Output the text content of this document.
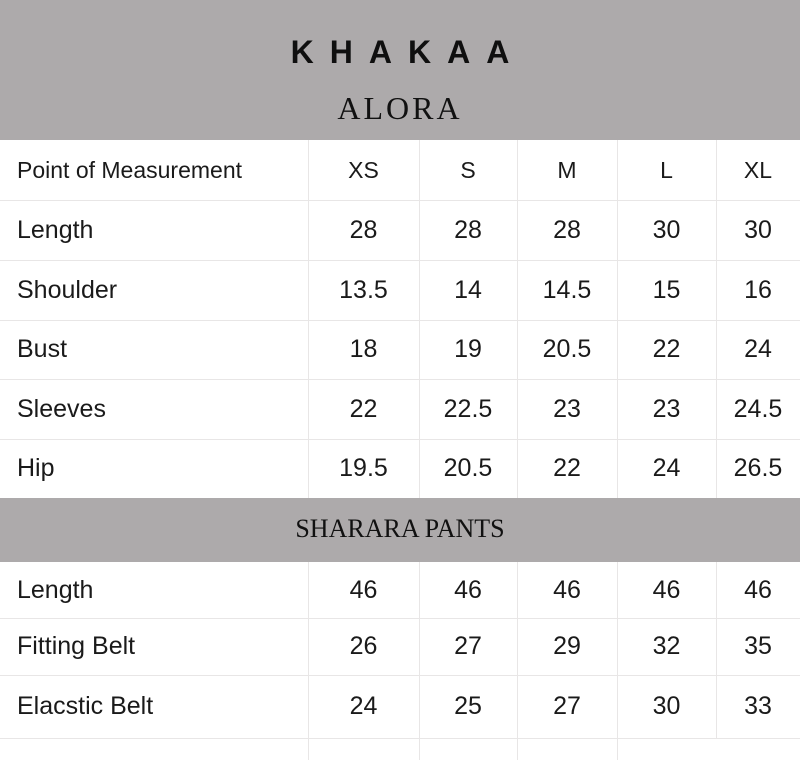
KHAKAA
ALORA
Point of Measurement	XS	S	M	L	XL
Length	28	28	28	30	30
Shoulder	13.5	14	14.5	15	16
Bust	18	19	20.5	22	24
Sleeves	22	22.5	23	23	24.5
Hip	19.5	20.5	22	24	26.5
SHARARA PANTS
Length	46	46	46	46	46
Fitting Belt	26	27	29	32	35
Elacstic Belt	24	25	27	30	33
